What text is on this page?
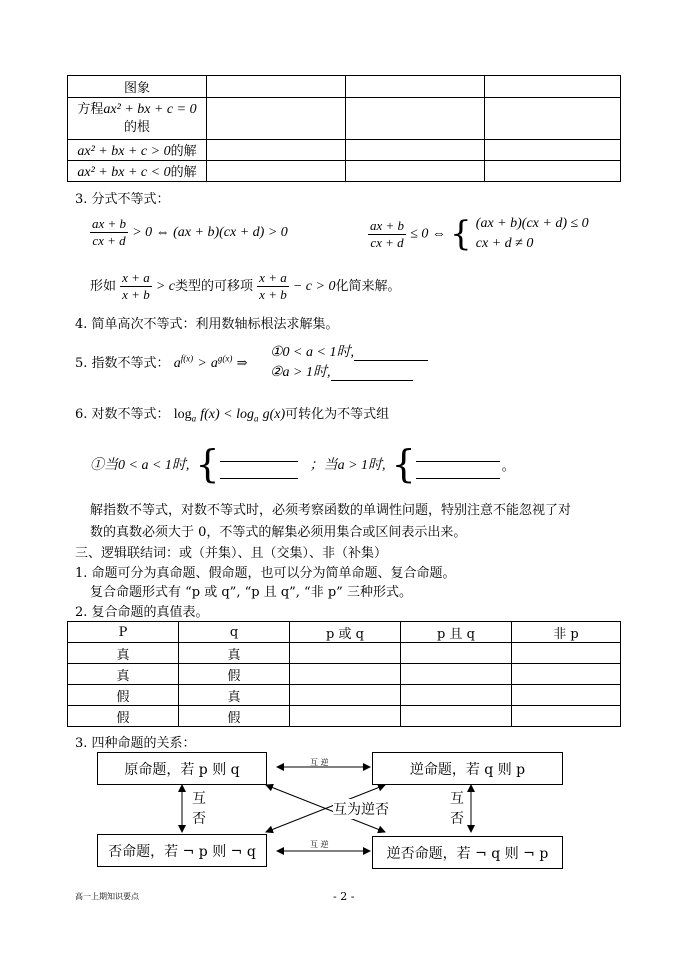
图象			
方程ax² + bx + c = 0
的根			
ax² + bx + c > 0的解			
ax² + bx + c < 0的解			
3. 分式不等式：
$\frac{ax + b}{cx + d} > 0$ ⇔ (ax + b)(cx + d) > 0	$\frac{ax + b}{cx + d} \le 0$ ⇔ { (ax + b)(cx + d) ≤ 0
cx + d ≠ 0
形如 $\frac{x + a}{x + b} > c$类型的可移项 $\frac{x + a}{x + b} - c > 0$化简来解。
4. 简单高次不等式：利用数轴标根法求解集。
5. 指数不等式： $a^{f(x)} > a^{g(x)}$ ⇒
①0 < a < 1时,
②a > 1时,
6. 对数不等式： $\log_a f(x) < \log_a g(x)$可转化为不等式组
①当0 < a < 1时, {	；当a > 1时, {	。
解指数不等式，对数不等式时，必须考察函数的单调性问题，特别注意不能忽视了对
数的真数必须大于 0，不等式的解集必须用集合或区间表示出来。
三、逻辑联结词：或（并集）、且（交集）、非（补集）
1. 命题可分为真命题、假命题，也可以分为简单命题、复合命题。
复合命题形式有 “p 或 q”, “p 且 q”, “非 p” 三种形式。
2. 复合命题的真值表。
P	q	p 或 q	p 且 q	非 p
真	真			
真	假			
假	真			
假	假			
3. 四种命题的关系：
原命题，若 p 则 q	逆命题，若 q 则 p
否命题，若 ¬ p 则 ¬ q	逆否命题，若 ¬ q 则 ¬ p
互 逆
互 逆
互
否
互
否
互为逆否
高一上期知识要点	- 2 -
